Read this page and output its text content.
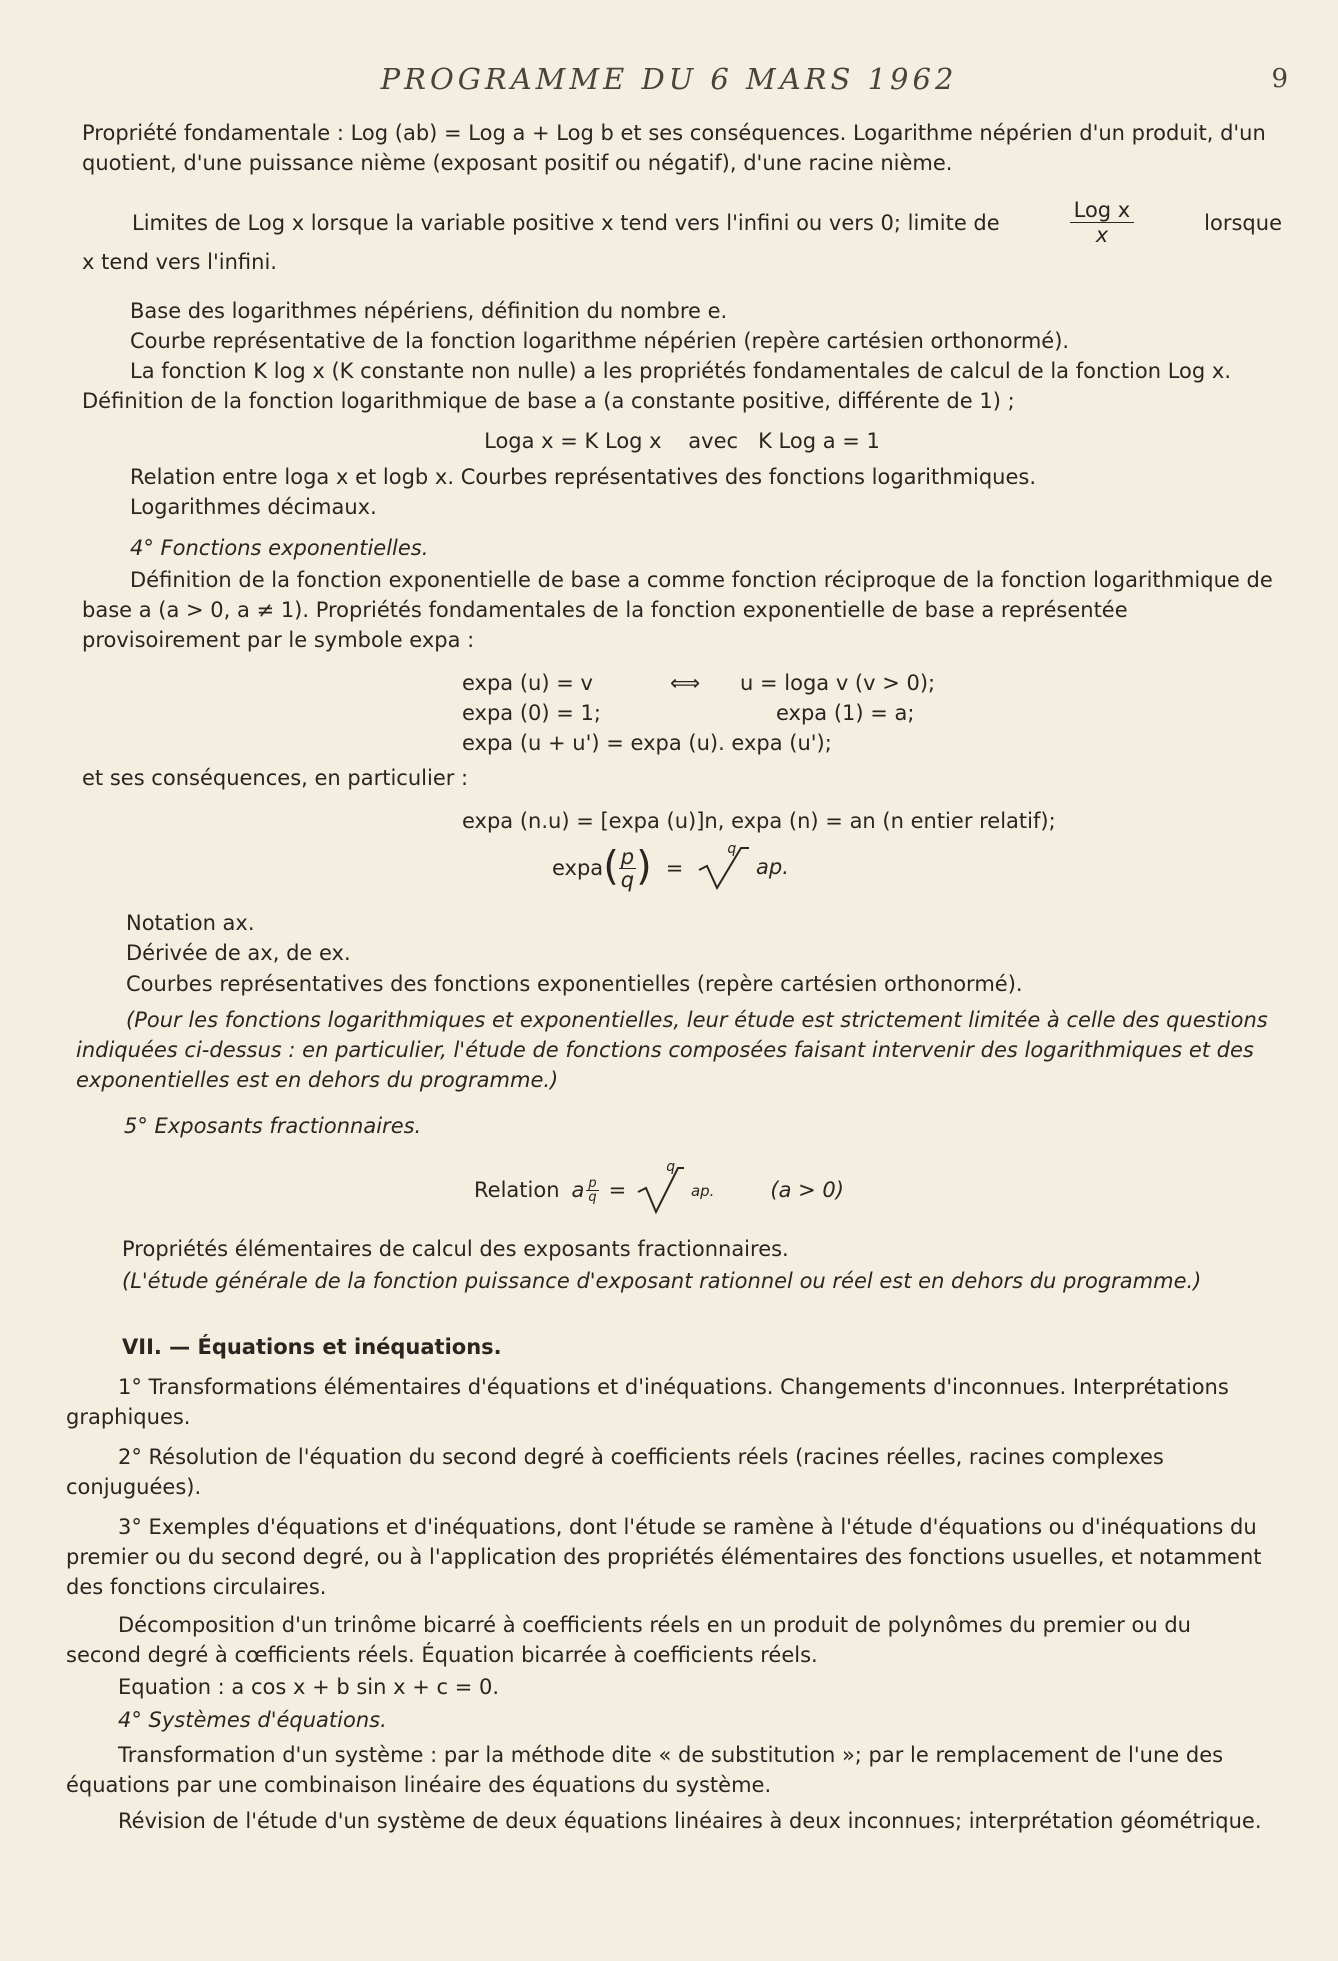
PROGRAMME DU 6 MARS 1962	9
Propriété fondamentale : Log (ab) = Log a + Log b et ses conséquences. Logarithme népérien d'un produit, d'un quotient, d'une puissance nième (exposant positif ou négatif), d'une racine nième.
Limites de Log x lorsque la variable positive x tend vers l'infini ou vers 0; limite de	$\frac{\text{Log x}}{x}$	lorsque
x tend vers l'infini.
Base des logarithmes népériens, définition du nombre e.
Courbe représentative de la fonction logarithme népérien (repère cartésien orthonormé).
La fonction K log x (K constante non nulle) a les propriétés fondamentales de calcul de la fonction Log x. Définition de la fonction logarithmique de base a (a constante positive, différente de 1) ;
Loga x = K Log x    avec   K Log a = 1
Relation entre loga x et logb x. Courbes représentatives des fonctions logarithmiques.
Logarithmes décimaux.
4° Fonctions exponentielles.
Définition de la fonction exponentielle de base a comme fonction réciproque de la fonction logarithmique de base a (a > 0, a ≠ 1). Propriétés fondamentales de la fonction exponentielle de base a représentée provisoirement par le symbole expa :
expa (u) = v	⟺	u = loga v (v > 0);
expa (0) = 1;	expa (1) = a;
expa (u + u') = expa (u). expa (u');
et ses conséquences, en particulier :
expa (n.u) = [expa (u)]n, expa (n) = an (n entier relatif);
expa ( $\frac{p}{q}$) =

q
ap.
Notation ax.
Dérivée de ax, de ex.
Courbes représentatives des fonctions exponentielles (repère cartésien orthonormé).
(Pour les fonctions logarithmiques et exponentielles, leur étude est strictement limitée à celle des questions indiquées ci-dessus : en particulier, l'étude de fonctions composées faisant intervenir des logarithmiques et des exponentielles est en dehors du programme.)
5° Exposants fractionnaires.
Relation a $\frac{p}{q}$ =

q
ap.	(a > 0)
Propriétés élémentaires de calcul des exposants fractionnaires.
(L'étude générale de la fonction puissance d'exposant rationnel ou réel est en dehors du programme.)
VII. — Équations et inéquations.
1° Transformations élémentaires d'équations et d'inéquations. Changements d'inconnues. Interprétations graphiques.
2° Résolution de l'équation du second degré à coefficients réels (racines réelles, racines complexes conjuguées).
3° Exemples d'équations et d'inéquations, dont l'étude se ramène à l'étude d'équations ou d'inéquations du premier ou du second degré, ou à l'application des propriétés élémentaires des fonctions usuelles, et notamment des fonctions circulaires.
Décomposition d'un trinôme bicarré à coefficients réels en un produit de polynômes du premier ou du second degré à cœfficients réels. Équation bicarrée à coefficients réels.
Equation : a cos x + b sin x + c = 0.
4° Systèmes d'équations.
Transformation d'un système : par la méthode dite « de substitution »; par le remplacement de l'une des équations par une combinaison linéaire des équations du système.
Révision de l'étude d'un système de deux équations linéaires à deux inconnues; interprétation géométrique.
